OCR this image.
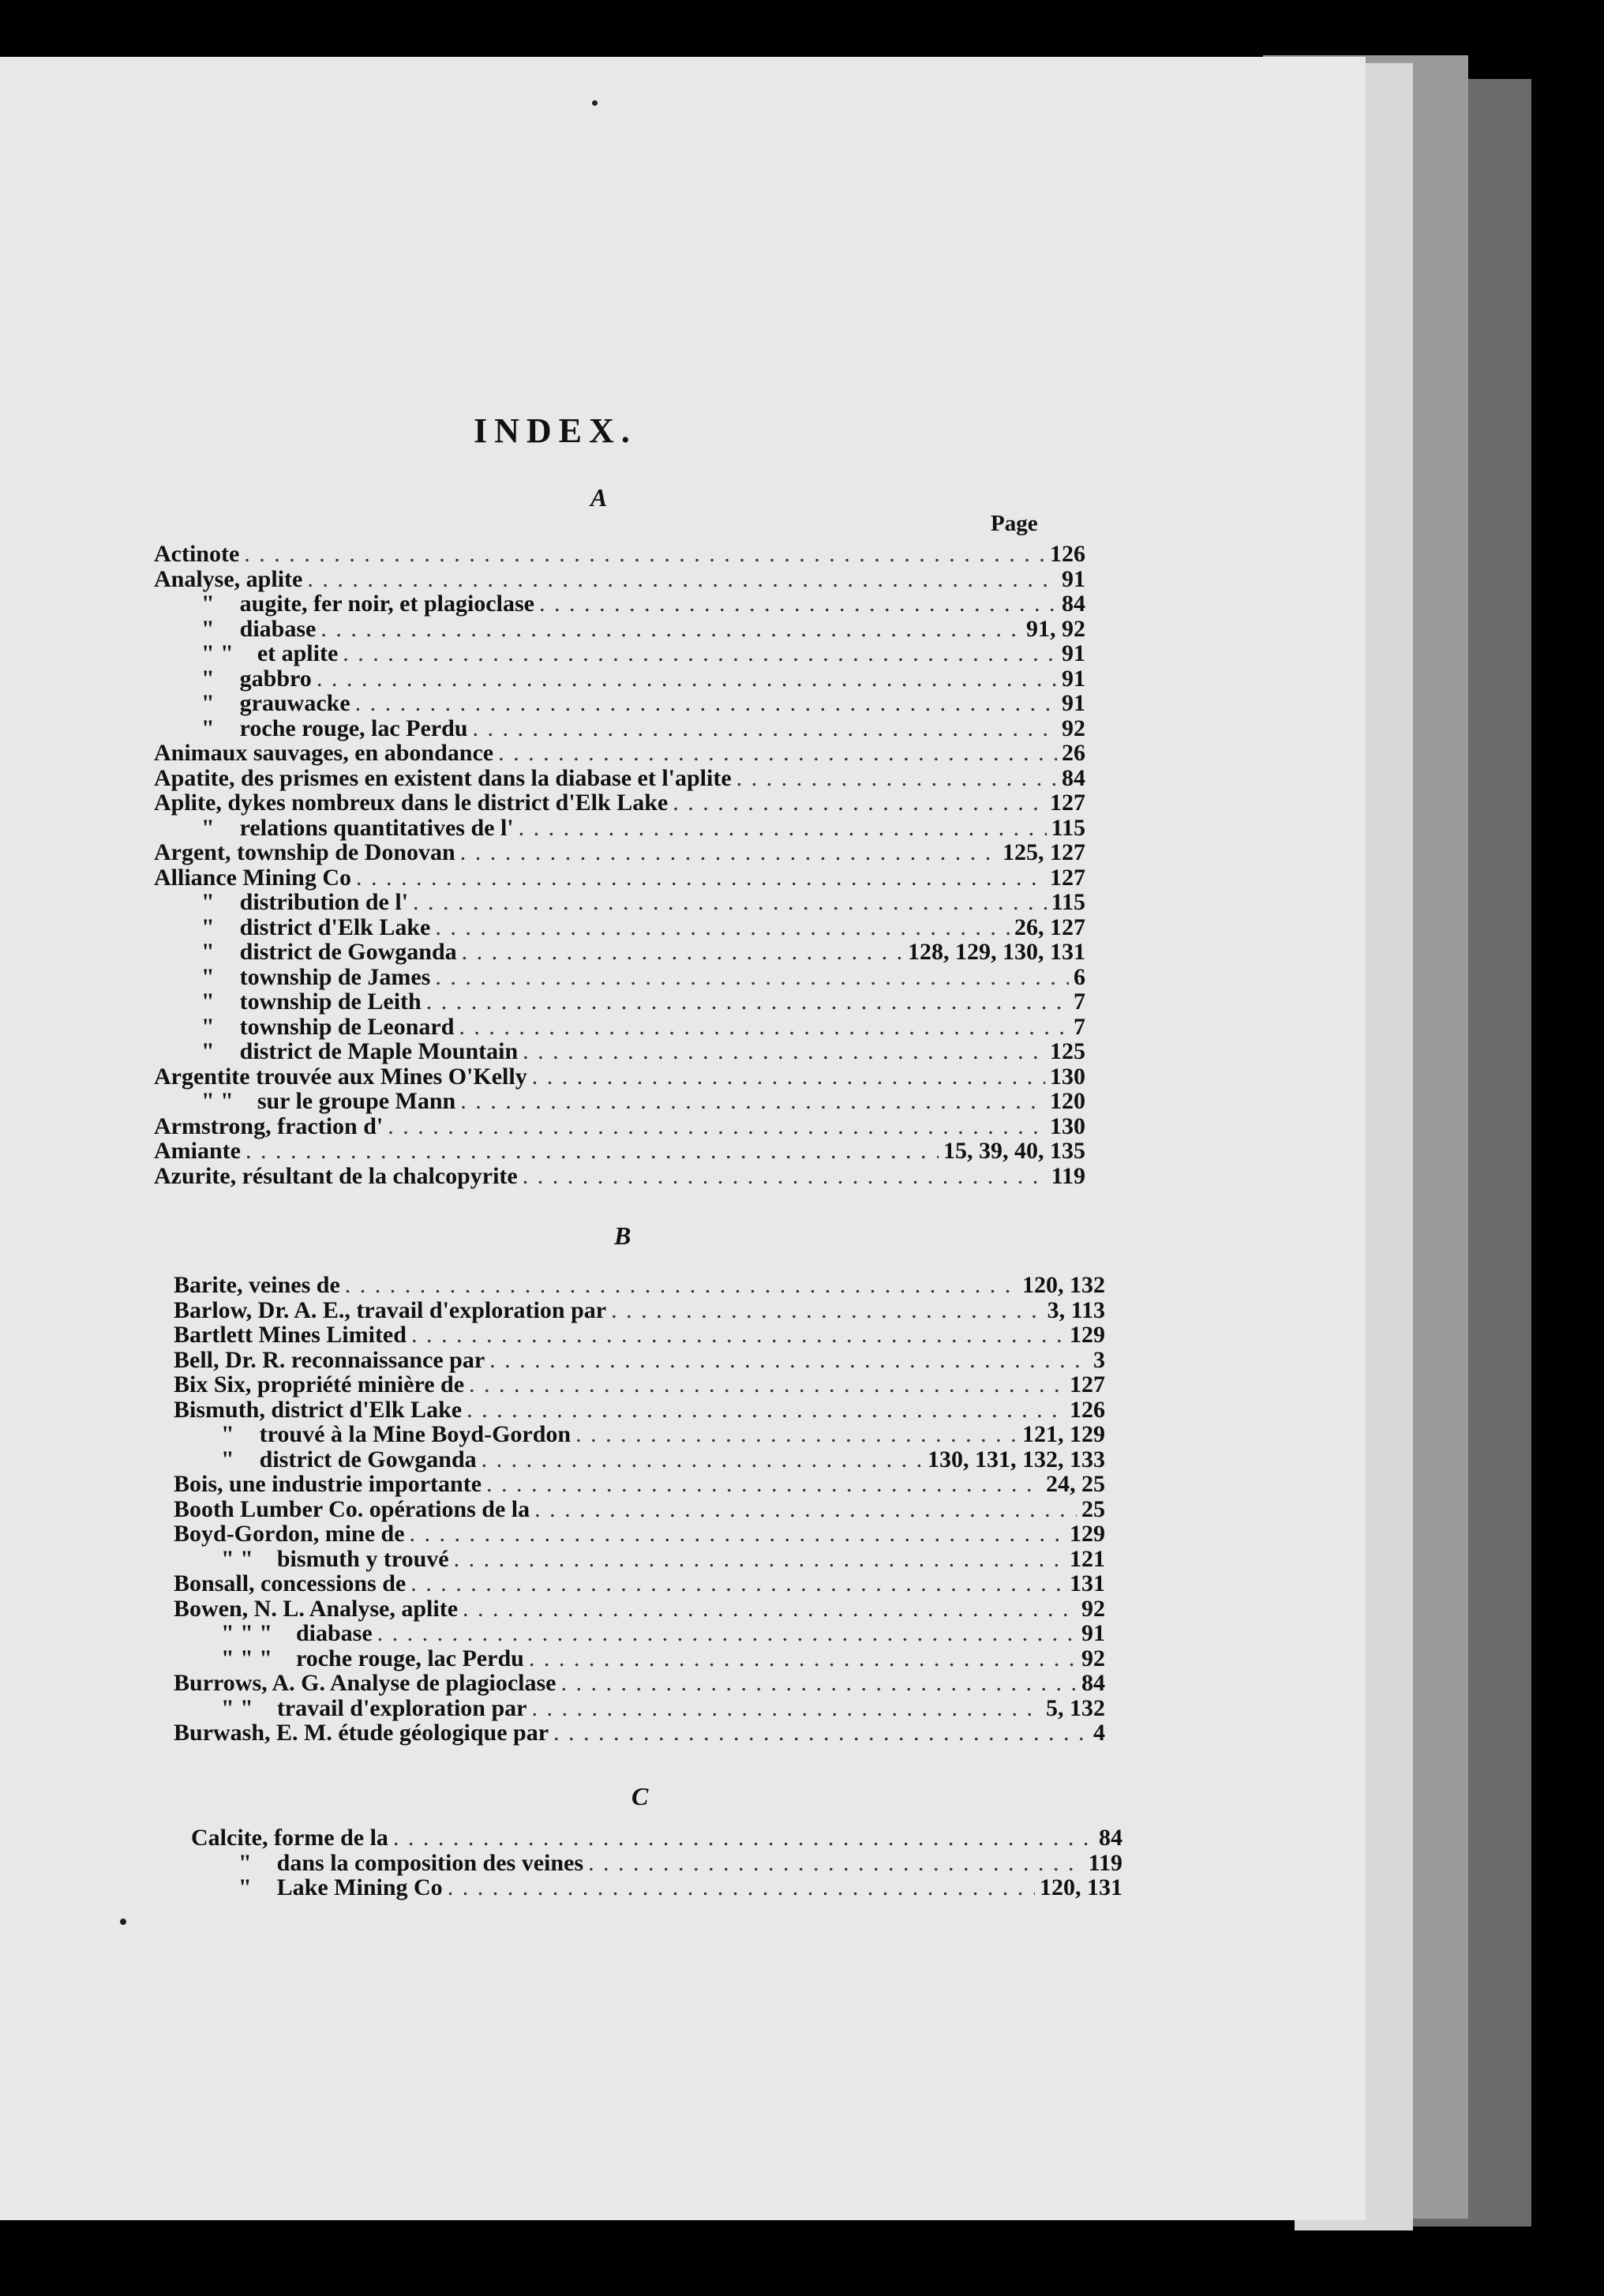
INDEX.
A
Page
Actinote . . .	126
Analyse, aplite . . .	91
" augite, fer noir, et plagioclase . . .	84
" diabase . . .	91, 92
" " et aplite . . .	91
" gabbro . . .	91
" grauwacke . . .	91
" roche rouge, lac Perdu . . .	92
Animaux sauvages, en abondance . . .	26
Apatite, des prismes en existent dans la diabase et l'aplite . . .	84
Aplite, dykes nombreux dans le district d'Elk Lake . . .	127
" relations quantitatives de l' . . .	115
Argent, township de Donovan . . .	125, 127
Alliance Mining Co . . .	127
" distribution de l' . . .	115
" district d'Elk Lake . . .	26, 127
" district de Gowganda . . .	128, 129, 130, 131
" township de James . . .	6
" township de Leith . . .	7
" township de Leonard . . .	7
" district de Maple Mountain . . .	125
Argentite trouvée aux Mines O'Kelly . . .	130
" " sur le groupe Mann . . .	120
Armstrong, fraction d' . . .	130
Amiante . . .	15, 39, 40, 135
Azurite, résultant de la chalcopyrite . . .	119
B
Barite, veines de . . .	120, 132
Barlow, Dr. A. E., travail d'exploration par . . .	3, 113
Bartlett Mines Limited . . .	129
Bell, Dr. R. reconnaissance par . . .	3
Bix Six, propriété minière de . . .	127
Bismuth, district d'Elk Lake . . .	126
" trouvé à la Mine Boyd-Gordon . . .	121, 129
" district de Gowganda . . .	130, 131, 132, 133
Bois, une industrie importante . . .	24, 25
Booth Lumber Co. opérations de la . . .	25
Boyd-Gordon, mine de . . .	129
" " bismuth y trouvé . . .	121
Bonsall, concessions de . . .	131
Bowen, N. L. Analyse, aplite . . .	92
" " " diabase . . .	91
" " " roche rouge, lac Perdu . . .	92
Burrows, A. G. Analyse de plagioclase . . .	84
" " travail d'exploration par . . .	5, 132
Burwash, E. M. étude géologique par . . .	4
C
Calcite, forme de la . . .	84
" dans la composition des veines . . .	119
" Lake Mining Co . . .	120, 131
